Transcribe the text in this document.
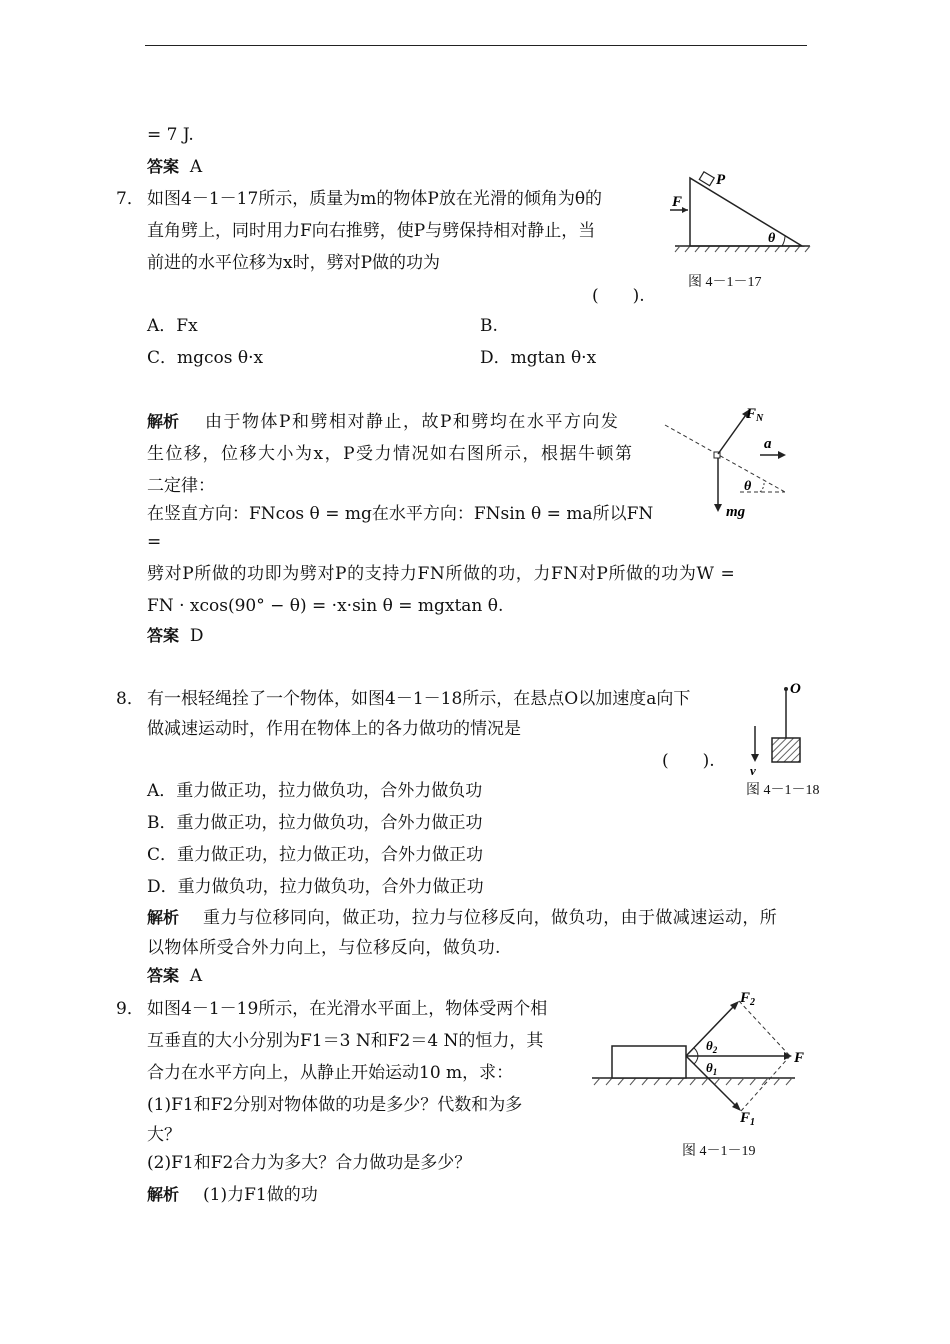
= 7 J.
答案 A
7． 如图4－1－17所示，质量为m的物体P放在光滑的倾角为θ的
直角劈上，同时用力F向右推劈，使P与劈保持相对静止，当
前进的水平位移为x时，劈对P做的功为
(　　).
P
F
θ
图 4－1－17
A．Fx	B.
C．mgcos θ·x	D．mgtan θ·x
解析 由于物体P和劈相对静止，故P和劈均在水平方向发
生位移，位移大小为x，P受力情况如右图所示，根据牛顿第
二定律：
在竖直方向：FNcos θ = mg在水平方向：FNsin θ = ma所以FN
=
劈对P所做的功即为劈对P的支持力FN所做的功，力FN对P所做的功为W =
FN · xcos(90° − θ) = ·x·sin θ = mgxtan θ.
$F_N$
a
θ
mg
答案 D
8． 有一根轻绳拴了一个物体，如图4－1－18所示，在悬点O以加速度a向下
做减速运动时，作用在物体上的各力做功的情况是
(　　).
O
v
图 4－1－18
A．重力做正功，拉力做负功，合外力做负功
B．重力做正功，拉力做负功，合外力做正功
C．重力做正功，拉力做正功，合外力做正功
D．重力做负功，拉力做负功，合外力做正功
解析 重力与位移同向，做正功，拉力与位移反向，做负功，由于做减速运动，所
以物体所受合外力向上，与位移反向，做负功.
答案 A
9． 如图4－1－19所示，在光滑水平面上，物体受两个相
互垂直的大小分别为F1＝3 N和F2＝4 N的恒力，其
合力在水平方向上，从静止开始运动10 m，求：
(1)F1和F2分别对物体做的功是多少？代数和为多
大？
(2)F1和F2合力为多大？合力做功是多少？
$F_2$
F
$F_1$
$\theta_2$
$\theta_1$
图 4－1－19
解析 (1)力F1做的功
